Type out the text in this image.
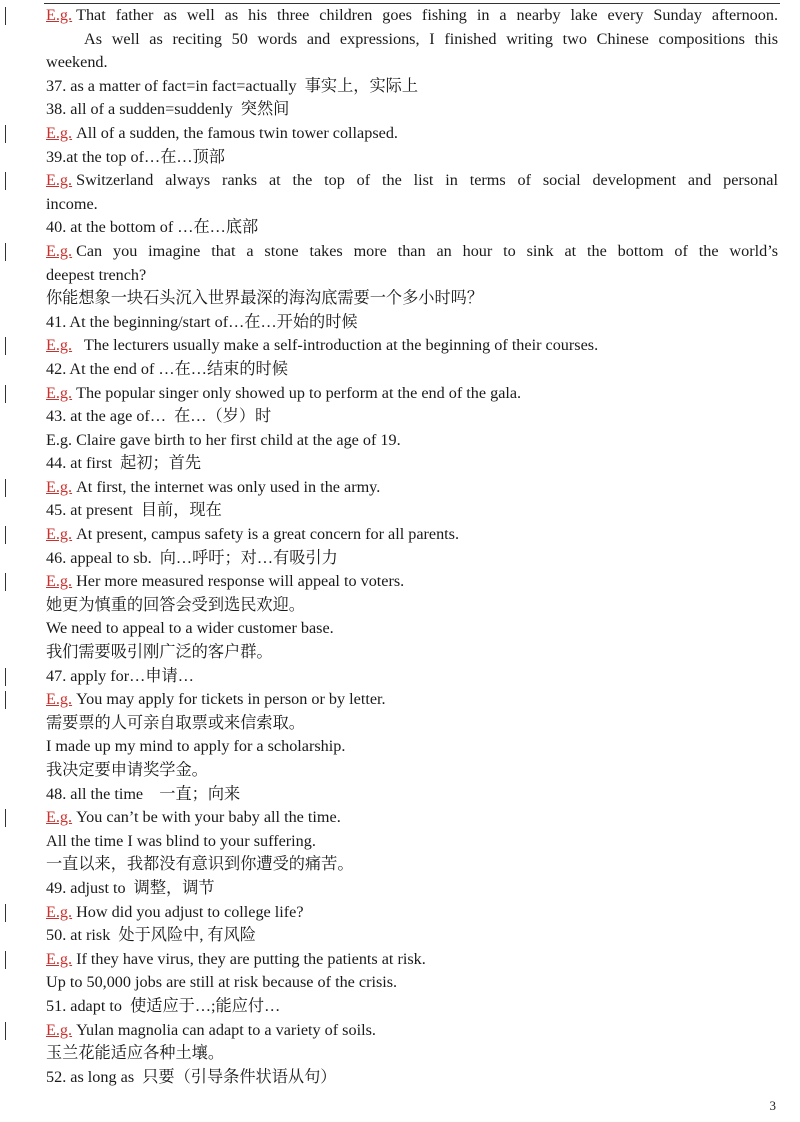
E.g. That father as well as his three children goes fishing in a nearby lake every Sunday afternoon.
As well as reciting 50 words and expressions, I finished writing two Chinese compositions this
weekend.
37. as a matter of fact=in fact=actually  事实上，实际上
38. all of a sudden=suddenly  突然间
E.g. All of a sudden, the famous twin tower collapsed.
39.at the top of…在…顶部
E.g. Switzerland always ranks at the top of the list in terms of social development and personal
income.
40. at the bottom of …在…底部
E.g. Can you imagine that a stone takes more than an hour to sink at the bottom of the world’s
deepest trench?
你能想象一块石头沉入世界最深的海沟底需要一个多小时吗？
41. At the beginning/start of…在…开始的时候
E.g.  The lecturers usually make a self-introduction at the beginning of their courses.
42. At the end of …在…结束的时候
E.g. The popular singer only showed up to perform at the end of the gala.
43. at the age of…  在…（岁）时
E.g. Claire gave birth to her first child at the age of 19.
44. at first  起初；首先
E.g. At first, the internet was only used in the army.
45. at present  目前，现在
E.g. At present, campus safety is a great concern for all parents.
46. appeal to sb.  向…呼吁；对…有吸引力
E.g. Her more measured response will appeal to voters.
她更为慎重的回答会受到选民欢迎。
We need to appeal to a wider customer base.
我们需要吸引刚广泛的客户群。
47. apply for…申请…
E.g. You may apply for tickets in person or by letter.
需要票的人可亲自取票或来信索取。
I made up my mind to apply for a scholarship.
我决定要申请奖学金。
48. all the time    一直；向来
E.g. You can’t be with your baby all the time.
All the time I was blind to your suffering.
一直以来，我都没有意识到你遭受的痛苦。
49. adjust to  调整，调节
E.g. How did you adjust to college life?
50. at risk  处于风险中, 有风险
E.g. If they have virus, they are putting the patients at risk.
Up to 50,000 jobs are still at risk because of the crisis.
51. adapt to  使适应于…;能应付…
E.g. Yulan magnolia can adapt to a variety of soils.
玉兰花能适应各种土壤。
52. as long as  只要（引导条件状语从句）
3
